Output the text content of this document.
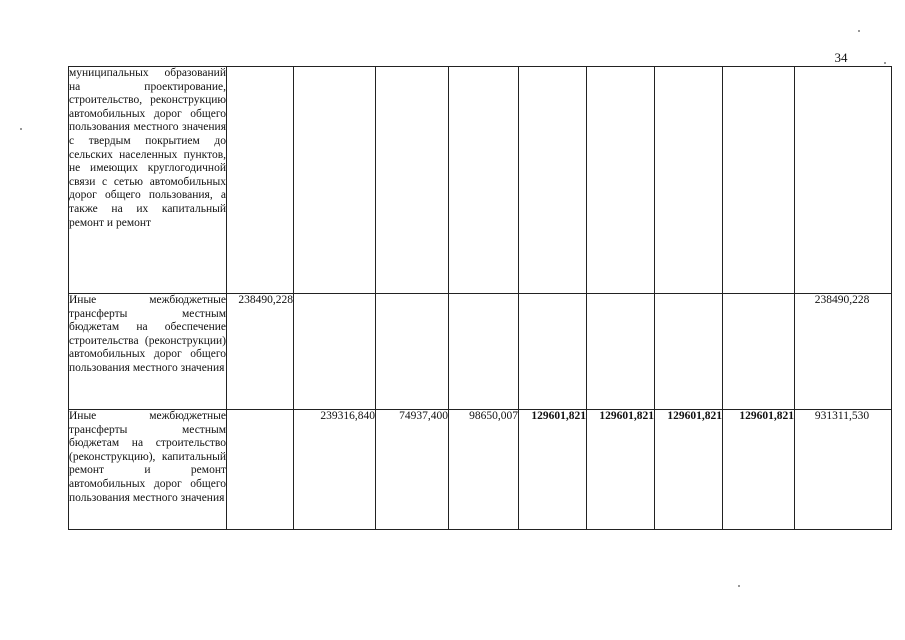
34
муниципальных образований на проектирование, строительство, реконструкцию автомобильных дорог общего пользования местного значения с твердым покрытием до сельских населенных пунктов, не имеющих круглогодичной связи с сетью автомобильных дорог общего пользования, а также на их капитальный ремонт и ремонт									

Иные межбюджетные трансферты местным бюджетам на обеспечение строительства (реконструкции) автомобильных дорог общего пользования местного значения	238490,228								238490,228

Иные межбюджетные трансферты местным бюджетам на строительство (реконструкцию), капитальный ремонт и ремонт автомобильных дорог общего пользования местного значения		239316,840	74937,400	98650,007	129601,821	129601,821	129601,821	129601,821	931311,530
